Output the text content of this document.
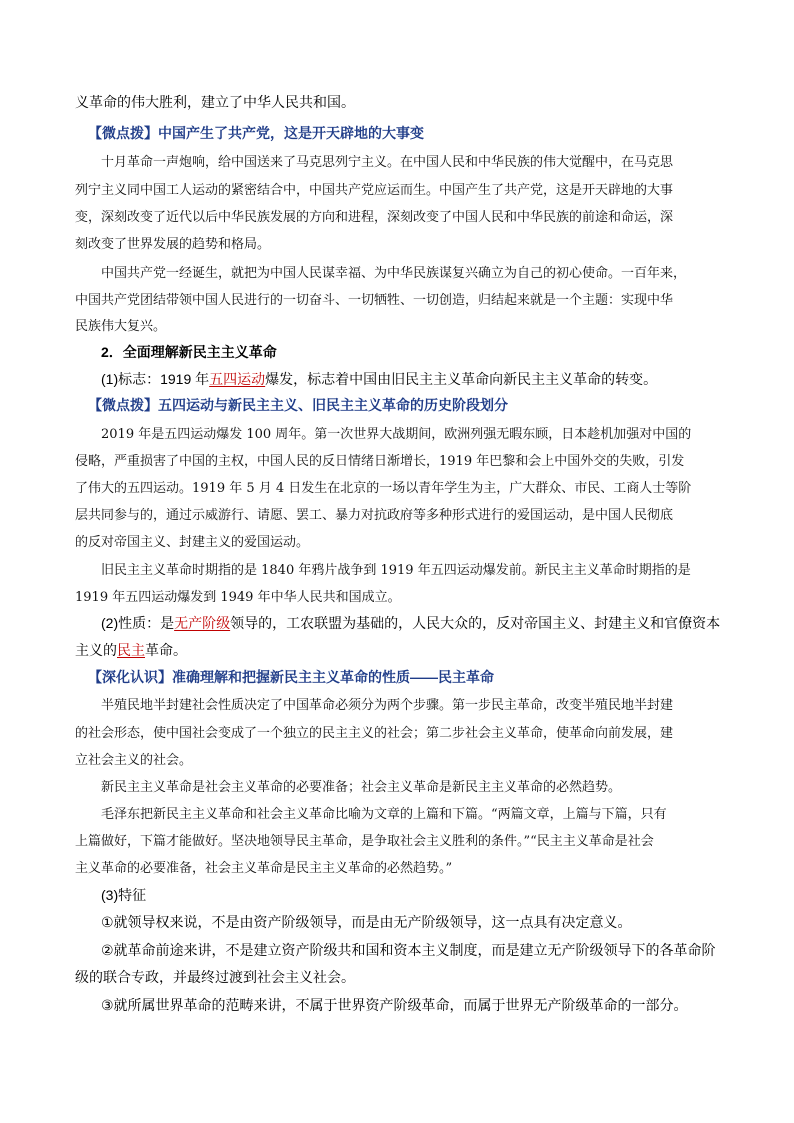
义革命的伟大胜利，建立了中华人民共和国。
【微点拨】中国产生了共产党，这是开天辟地的大事变
十月革命一声炮响，给中国送来了马克思列宁主义。在中国人民和中华民族的伟大觉醒中，在马克思
列宁主义同中国工人运动的紧密结合中，中国共产党应运而生。中国产生了共产党，这是开天辟地的大事
变，深刻改变了近代以后中华民族发展的方向和进程，深刻改变了中国人民和中华民族的前途和命运，深
刻改变了世界发展的趋势和格局。
中国共产党一经诞生，就把为中国人民谋幸福、为中华民族谋复兴确立为自己的初心使命。一百年来，
中国共产党团结带领中国人民进行的一切奋斗、一切牺牲、一切创造，归结起来就是一个主题：实现中华
民族伟大复兴。
2．全面理解新民主主义革命
(1)标志：1919 年五四运动爆发，标志着中国由旧民主主义革命向新民主主义革命的转变。
【微点拨】五四运动与新民主主义、旧民主主义革命的历史阶段划分
2019 年是五四运动爆发 100 周年。第一次世界大战期间，欧洲列强无暇东顾，日本趁机加强对中国的
侵略，严重损害了中国的主权，中国人民的反日情绪日渐增长，1919 年巴黎和会上中国外交的失败，引发
了伟大的五四运动。1919 年 5 月 4 日发生在北京的一场以青年学生为主，广大群众、市民、工商人士等阶
层共同参与的，通过示威游行、请愿、罢工、暴力对抗政府等多种形式进行的爱国运动，是中国人民彻底
的反对帝国主义、封建主义的爱国运动。
旧民主主义革命时期指的是 1840 年鸦片战争到 1919 年五四运动爆发前。新民主主义革命时期指的是
1919 年五四运动爆发到 1949 年中华人民共和国成立。
(2)性质：是无产阶级领导的，工农联盟为基础的，人民大众的，反对帝国主义、封建主义和官僚资本
主义的民主革命。
【深化认识】准确理解和把握新民主主义革命的性质——民主革命
半殖民地半封建社会性质决定了中国革命必须分为两个步骤。第一步民主革命，改变半殖民地半封建
的社会形态，使中国社会变成了一个独立的民主主义的社会；第二步社会主义革命，使革命向前发展，建
立社会主义的社会。
新民主主义革命是社会主义革命的必要准备；社会主义革命是新民主主义革命的必然趋势。
毛泽东把新民主主义革命和社会主义革命比喻为文章的上篇和下篇。“两篇文章，上篇与下篇，只有
上篇做好，下篇才能做好。坚决地领导民主革命，是争取社会主义胜利的条件。”“民主主义革命是社会
主义革命的必要准备，社会主义革命是民主主义革命的必然趋势。”
(3)特征
①就领导权来说，不是由资产阶级领导，而是由无产阶级领导，这一点具有决定意义。
②就革命前途来讲，不是建立资产阶级共和国和资本主义制度，而是建立无产阶级领导下的各革命阶
级的联合专政，并最终过渡到社会主义社会。
③就所属世界革命的范畴来讲，不属于世界资产阶级革命，而属于世界无产阶级革命的一部分。
